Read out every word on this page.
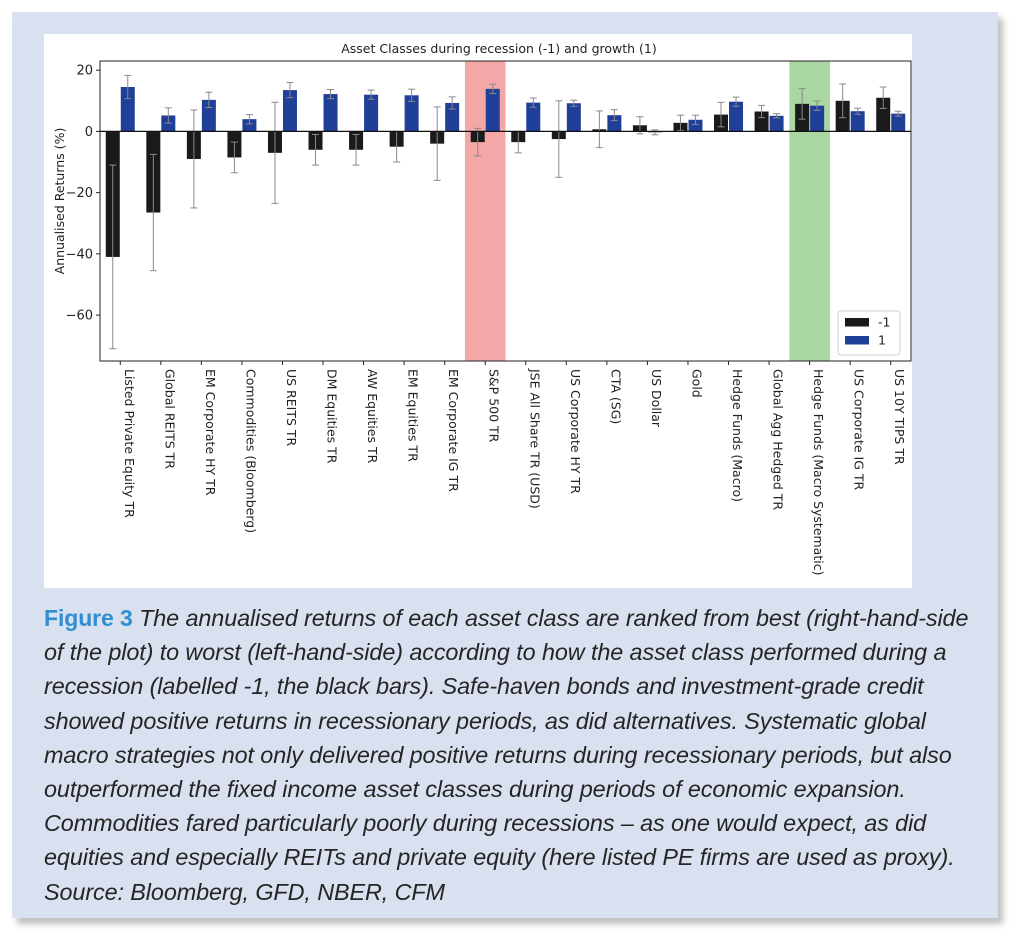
Asset Classes during recession (-1) and growth (1)
Annualised Returns (%)
20
0
−20
−40
−60
Listed Private Equity TR Global REITS TR EM Corporate HY TR Commodities (Bloomberg) US REITS TR DM Equities TR AW Equities TR EM Equities TR EM Corporate IG TR S&P 500 TR JSE All Share TR (USD) US Corporate HY TR CTA (SG) US Dollar Gold Hedge Funds (Macro) Global Agg Hedged TR Hedge Funds (Macro Systematic) US Corporate IG TR US 10Y TIPS TR
-1
1
Figure 3 The annualised returns of each asset class are ranked from best (right-hand-side of the plot) to worst (left-hand-side) according to how the asset class performed during a recession (labelled -1, the black bars). Safe-haven bonds and investment-grade credit showed positive returns in recessionary periods, as did alternatives. Systematic global macro strategies not only delivered positive returns during recessionary periods, but also outperformed the fixed income asset classes during periods of economic expansion. Commodities fared particularly poorly during recessions – as one would expect, as did equities and especially REITs and private equity (here listed PE firms are used as proxy). Source: Bloomberg, GFD, NBER, CFM
